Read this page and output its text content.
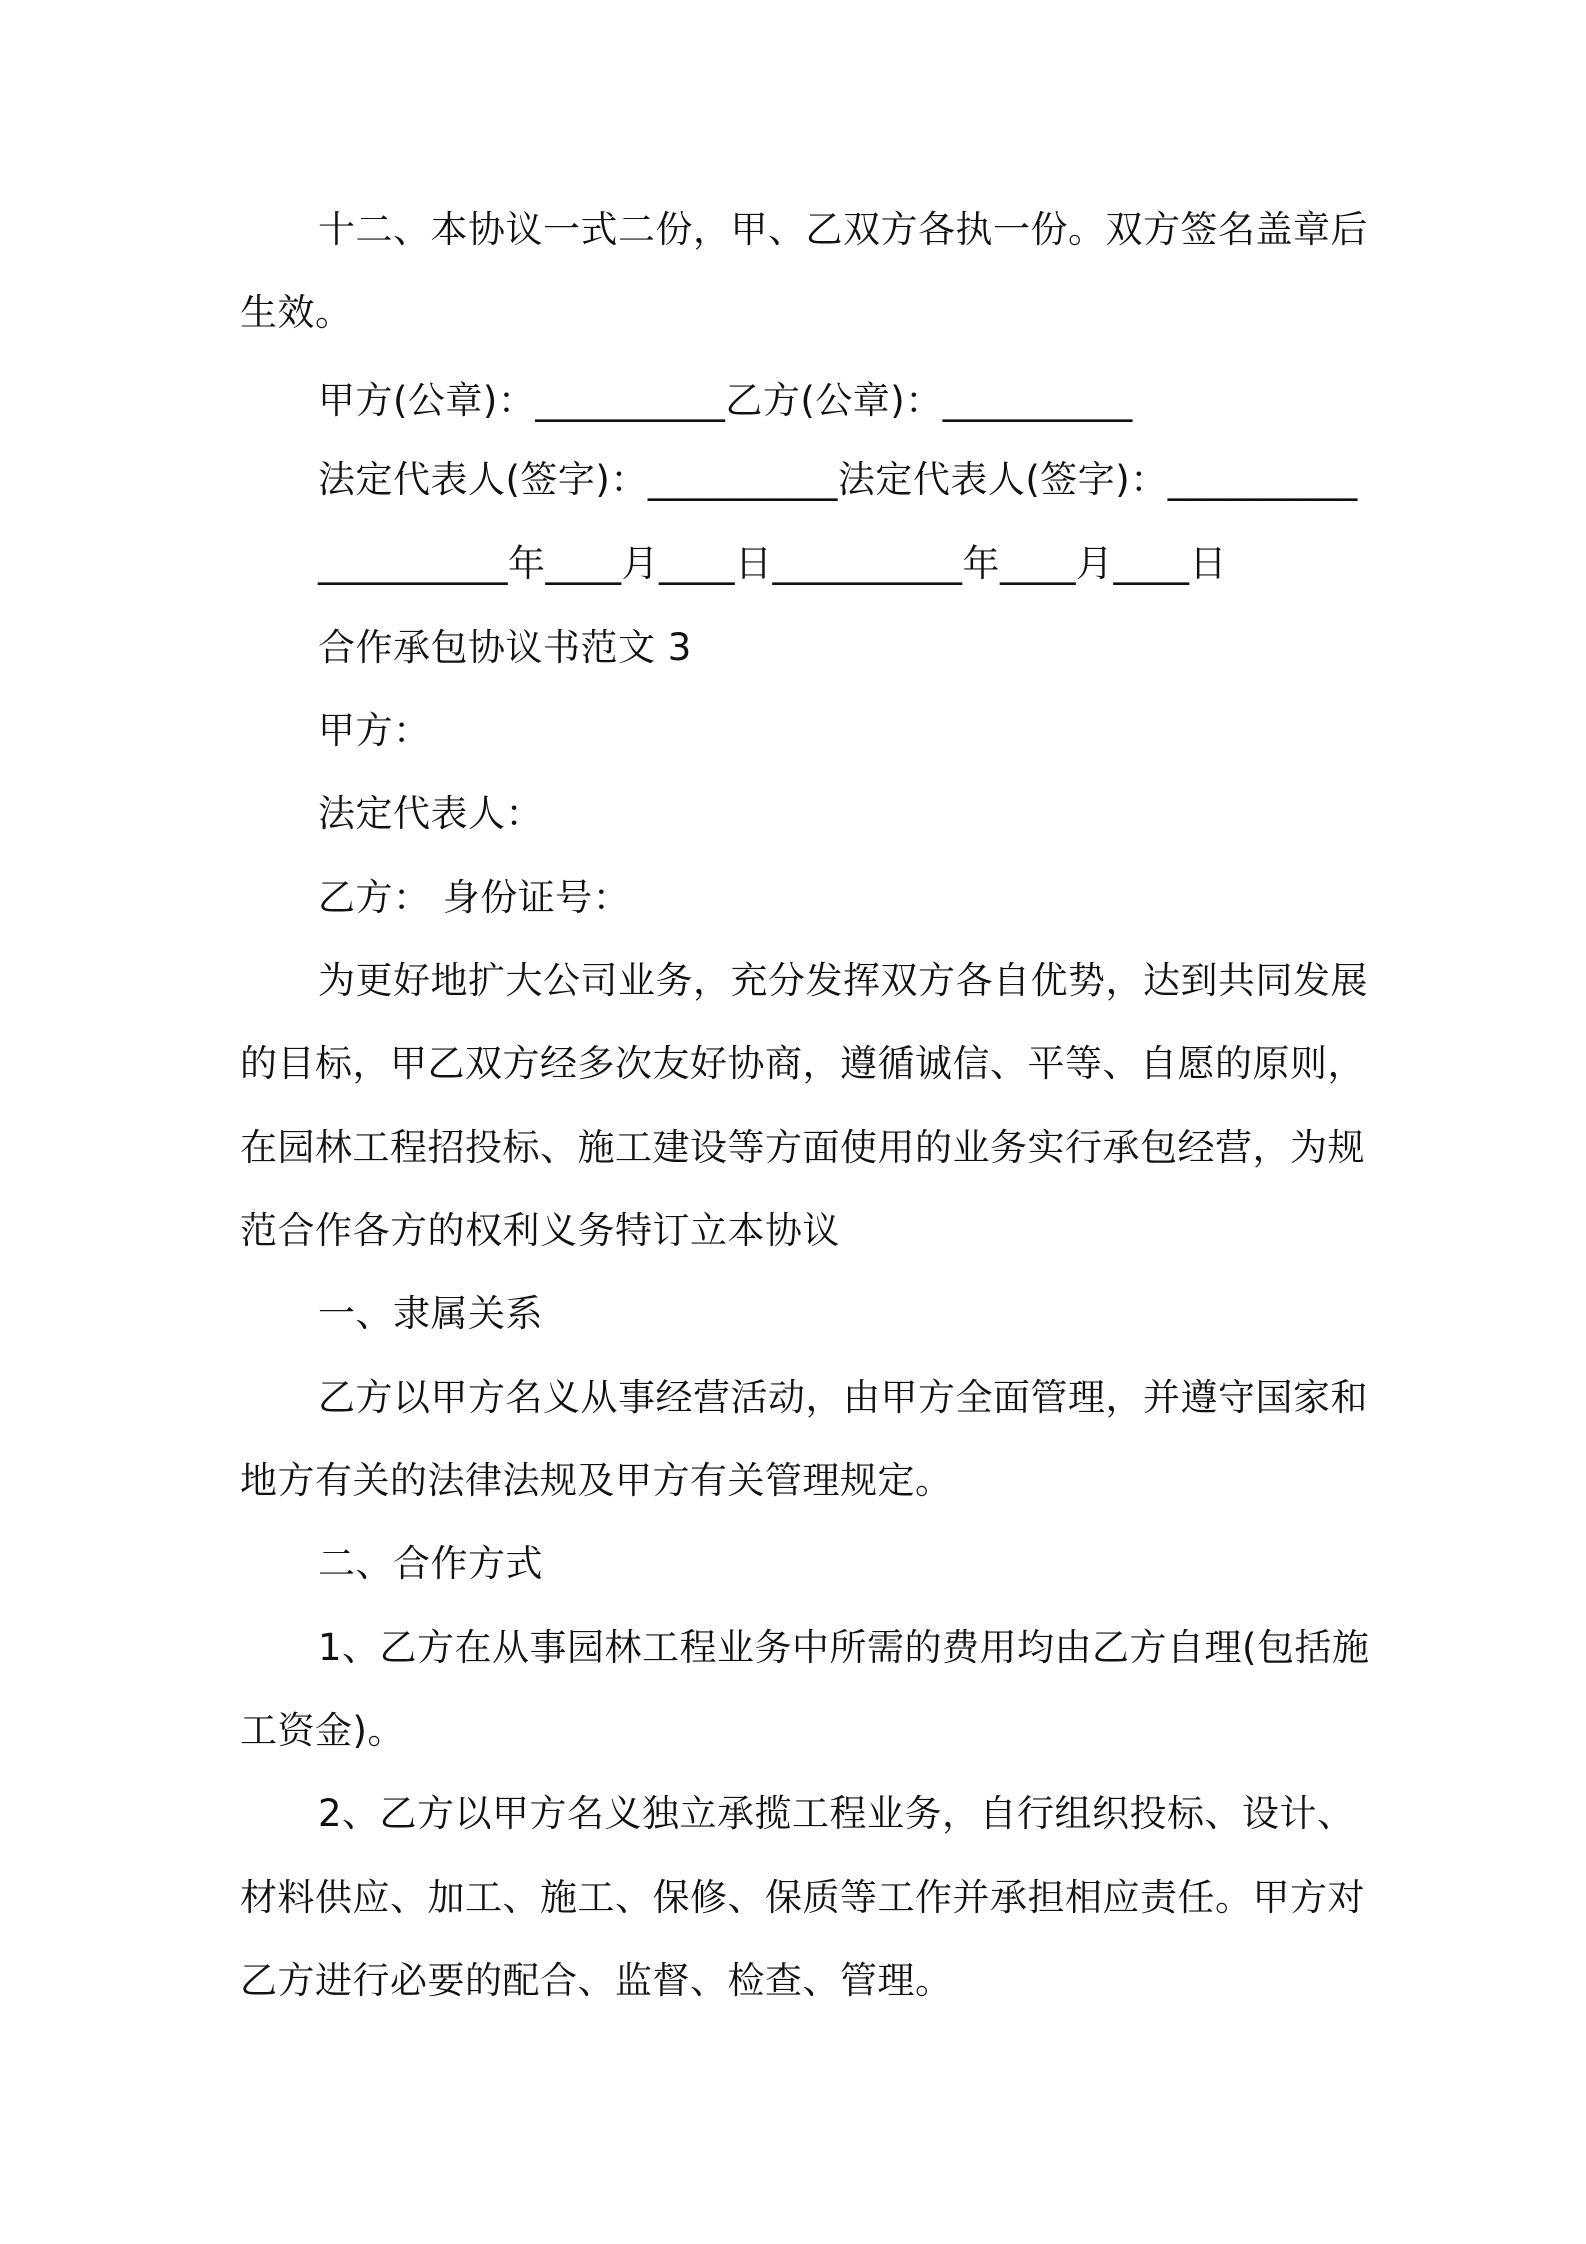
十二、本协议一式二份，甲、乙双方各执一份。双方签名盖章后
生效。
甲方(公章)：__________乙方(公章)：__________
法定代表人(签字)：__________法定代表人(签字)：__________
__________年____月____日__________年____月____日
合作承包协议书范文 3
甲方：
法定代表人：
乙方： 身份证号：
为更好地扩大公司业务，充分发挥双方各自优势，达到共同发展
的目标，甲乙双方经多次友好协商，遵循诚信、平等、自愿的原则，
在园林工程招投标、施工建设等方面使用的业务实行承包经营，为规
范合作各方的权利义务特订立本协议
一、隶属关系
乙方以甲方名义从事经营活动，由甲方全面管理，并遵守国家和
地方有关的法律法规及甲方有关管理规定。
二、合作方式
1、乙方在从事园林工程业务中所需的费用均由乙方自理(包括施
工资金)。
2、乙方以甲方名义独立承揽工程业务，自行组织投标、设计、
材料供应、加工、施工、保修、保质等工作并承担相应责任。甲方对
乙方进行必要的配合、监督、检查、管理。
